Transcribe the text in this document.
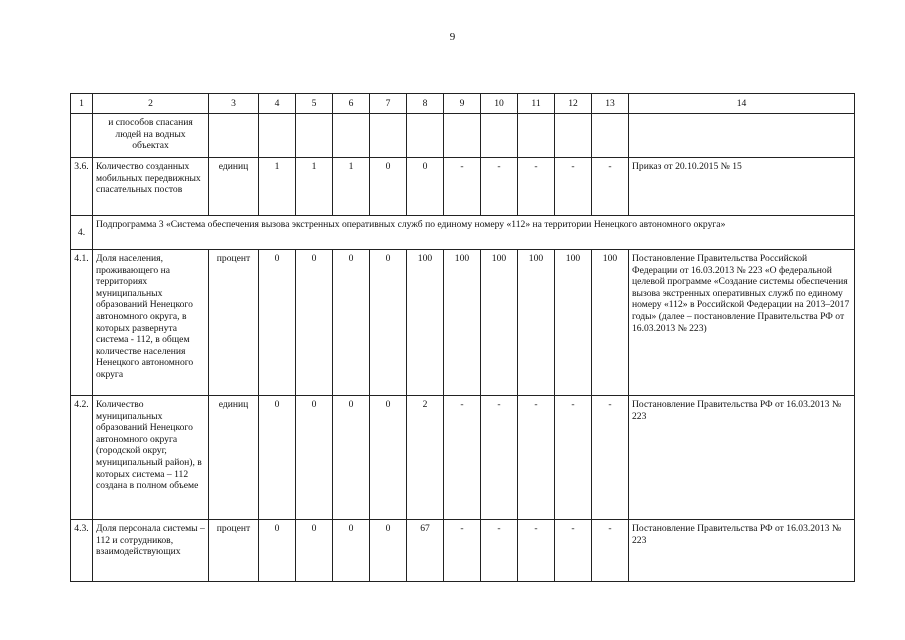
9
1	2	3	4	5	6	7	8	9	10	11	12	13	14
	и способов спасания людей на водных объектах												
3.6.	Количество созданных мобильных передвижных спасательных постов	единиц	1	1	1	0	0	-	-	-	-	-	Приказ от 20.10.2015 № 15
4.	Подпрограмма 3 «Система обеспечения вызова экстренных оперативных служб по единому номеру «112» на территории Ненецкого автономного округа»												
4.1.	Доля населения, проживающего на территориях муниципальных образований Ненецкого автономного округа, в которых развернута система - 112, в общем количестве населения Ненецкого автономного округа	процент	0	0	0	0	100	100	100	100	100	100	Постановление Правительства Российской Федерации от 16.03.2013 № 223 «О федеральной целевой программе «Создание системы обеспечения вызова экстренных оперативных служб по единому номеру «112» в Российской Федерации на 2013–2017 годы» (далее – постановление Правительства РФ от 16.03.2013 № 223)
4.2.	Количество муниципальных образований Ненецкого автономного округа (городской округ, муниципальный район), в которых система – 112 создана в полном объеме	единиц	0	0	0	0	2	-	-	-	-	-	Постановление Правительства РФ от 16.03.2013 № 223
4.3.	Доля персонала системы – 112 и сотрудников, взаимодействующих	процент	0	0	0	0	67	-	-	-	-	-	Постановление Правительства РФ от 16.03.2013 № 223
